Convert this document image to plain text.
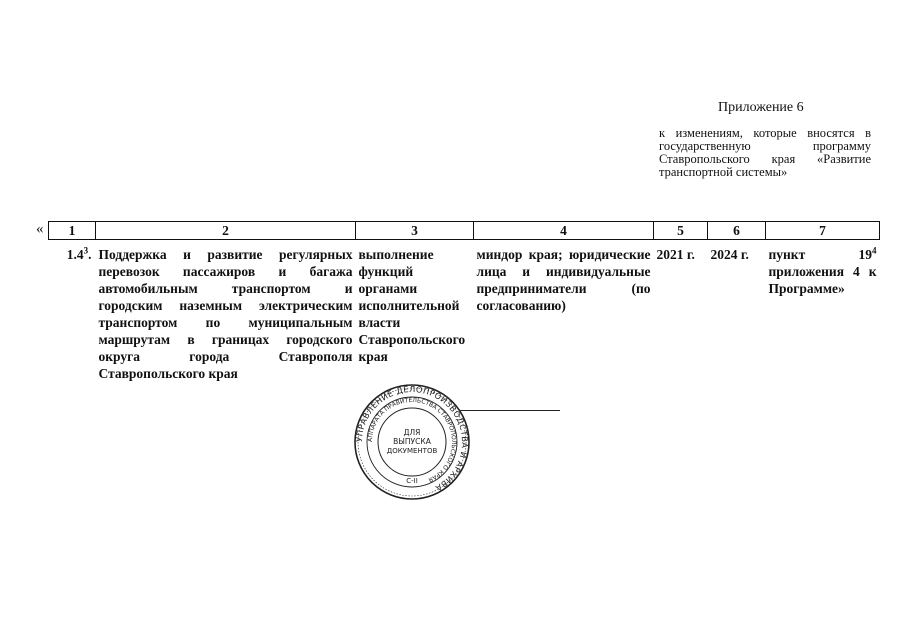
Приложение 6
к изменениям, которые вносятся в государственную программу Ставропольского края «Развитие транспортной системы»
« 1	2	3	4	5	6	7
$1.4^3$.	Поддержка и развитие регулярных перевозок пассажиров и багажа автомобильным транспортом и городским наземным электрическим транспортом по муниципальным маршрутам в границах городского округа города Ставрополя Ставропольского края	выполнение функций органами исполнительной власти Ставропольского края	миндор края; юридические лица и индивидуальные предприниматели (по согласованию)	2021 г.	2024 г.	пункт $19^4$ приложения 4 к Программе»
УПРАВЛЕНИЕ ДЕЛОПРОИЗВОДСТВА И АРХИВА
АППАРАТА ПРАВИТЕЛЬСТВА СТАВРОПОЛЬСКОГО КРАЯ
ДЛЯ
ВЫПУСКА
ДОКУМЕНТОВ
С-II
